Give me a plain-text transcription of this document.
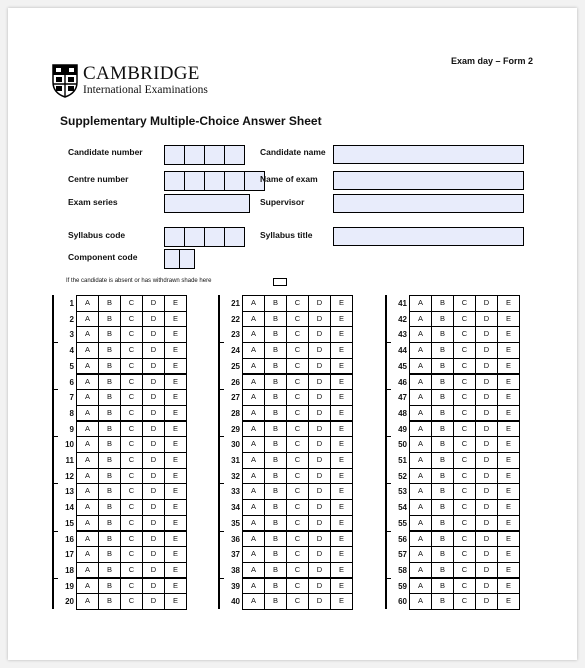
Exam day – Form 2
CAMBRIDGE
International Examinations
Supplementary Multiple-Choice Answer Sheet
Candidate number
Centre number
Exam series
Syllabus code
Component code
Candidate name
Name of exam
Supervisor
Syllabus title
If the candidate is absent or has withdrawn shade here
1	A	B	C	D	E
2	A	B	C	D	E
3	A	B	C	D	E
4	A	B	C	D	E
5	A	B	C	D	E
6	A	B	C	D	E
7	A	B	C	D	E
8	A	B	C	D	E
9	A	B	C	D	E
10	A	B	C	D	E
11	A	B	C	D	E
12	A	B	C	D	E
13	A	B	C	D	E
14	A	B	C	D	E
15	A	B	C	D	E
16	A	B	C	D	E
17	A	B	C	D	E
18	A	B	C	D	E
19	A	B	C	D	E
20	A	B	C	D	E
21	A	B	C	D	E
22	A	B	C	D	E
23	A	B	C	D	E
24	A	B	C	D	E
25	A	B	C	D	E
26	A	B	C	D	E
27	A	B	C	D	E
28	A	B	C	D	E
29	A	B	C	D	E
30	A	B	C	D	E
31	A	B	C	D	E
32	A	B	C	D	E
33	A	B	C	D	E
34	A	B	C	D	E
35	A	B	C	D	E
36	A	B	C	D	E
37	A	B	C	D	E
38	A	B	C	D	E
39	A	B	C	D	E
40	A	B	C	D	E
41	A	B	C	D	E
42	A	B	C	D	E
43	A	B	C	D	E
44	A	B	C	D	E
45	A	B	C	D	E
46	A	B	C	D	E
47	A	B	C	D	E
48	A	B	C	D	E
49	A	B	C	D	E
50	A	B	C	D	E
51	A	B	C	D	E
52	A	B	C	D	E
53	A	B	C	D	E
54	A	B	C	D	E
55	A	B	C	D	E
56	A	B	C	D	E
57	A	B	C	D	E
58	A	B	C	D	E
59	A	B	C	D	E
60	A	B	C	D	E
